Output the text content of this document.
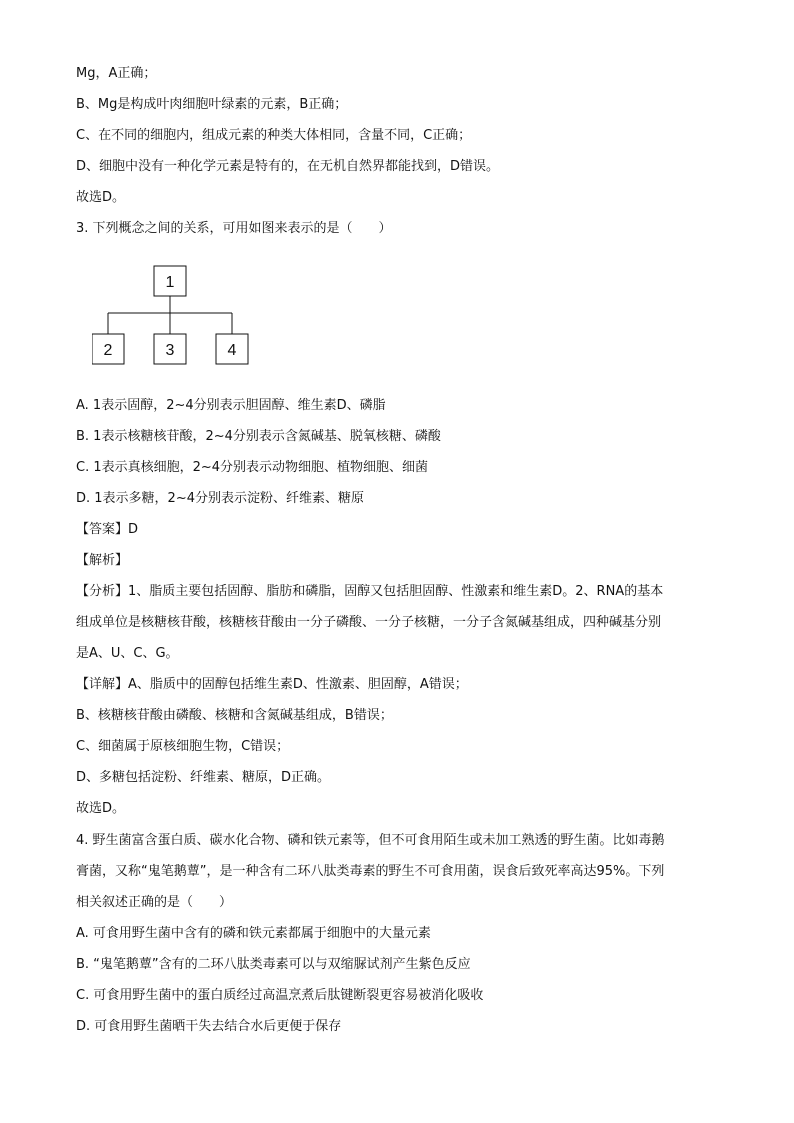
Mg，A正确；
B、Mg是构成叶肉细胞叶绿素的元素，B正确；
C、在不同的细胞内，组成元素的种类大体相同，含量不同，C正确；
D、细胞中没有一种化学元素是特有的，在无机自然界都能找到，D错误。
故选D。
3. 下列概念之间的关系，可用如图来表示的是（　　）
1
2	3	4
A. 1表示固醇，2~4分别表示胆固醇、维生素D、磷脂
B. 1表示核糖核苷酸，2~4分别表示含氮碱基、脱氧核糖、磷酸
C. 1表示真核细胞，2~4分别表示动物细胞、植物细胞、细菌
D. 1表示多糖，2~4分别表示淀粉、纤维素、糖原
【答案】D
【解析】
【分析】1、脂质主要包括固醇、脂肪和磷脂，固醇又包括胆固醇、性激素和维生素D。2、RNA的基本
组成单位是核糖核苷酸，核糖核苷酸由一分子磷酸、一分子核糖，一分子含氮碱基组成，四种碱基分别
是A、U、C、G。
【详解】A、脂质中的固醇包括维生素D、性激素、胆固醇，A错误；
B、核糖核苷酸由磷酸、核糖和含氮碱基组成，B错误；
C、细菌属于原核细胞生物，C错误；
D、多糖包括淀粉、纤维素、糖原，D正确。
故选D。
4. 野生菌富含蛋白质、碳水化合物、磷和铁元素等，但不可食用陌生或未加工熟透的野生菌。比如毒鹅
膏菌，又称“鬼笔鹅蕈”，是一种含有二环八肽类毒素的野生不可食用菌，误食后致死率高达95%。下列
相关叙述正确的是（　　）
A. 可食用野生菌中含有的磷和铁元素都属于细胞中的大量元素
B. “鬼笔鹅蕈”含有的二环八肽类毒素可以与双缩脲试剂产生紫色反应
C. 可食用野生菌中的蛋白质经过高温烹煮后肽键断裂更容易被消化吸收
D. 可食用野生菌晒干失去结合水后更便于保存
